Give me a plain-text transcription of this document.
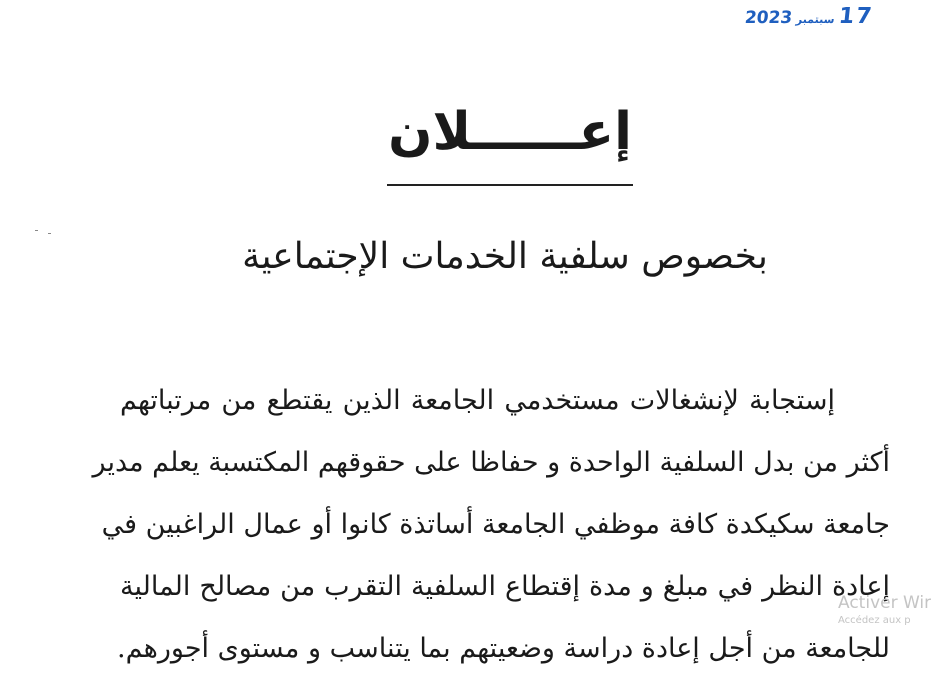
2023 سبتمبر 17
إعــــــلان
بخصوص سلفية الخدمات الإجتماعية
إستجابة لإنشغالات مستخدمي الجامعة الذين يقتطع من مرتباتهم
أكثر من بدل السلفية الواحدة و حفاظا على حقوقهم المكتسبة يعلم مدير
جامعة سكيكدة كافة موظفي الجامعة أساتذة كانوا أو عمال الراغبين في
إعادة النظر في مبلغ و مدة إقتطاع السلفية التقرب من مصالح المالية
للجامعة من أجل إعادة دراسة وضعيتهم بما يتناسب و مستوى أجورهم.
Activer Wir
Accédez aux p
